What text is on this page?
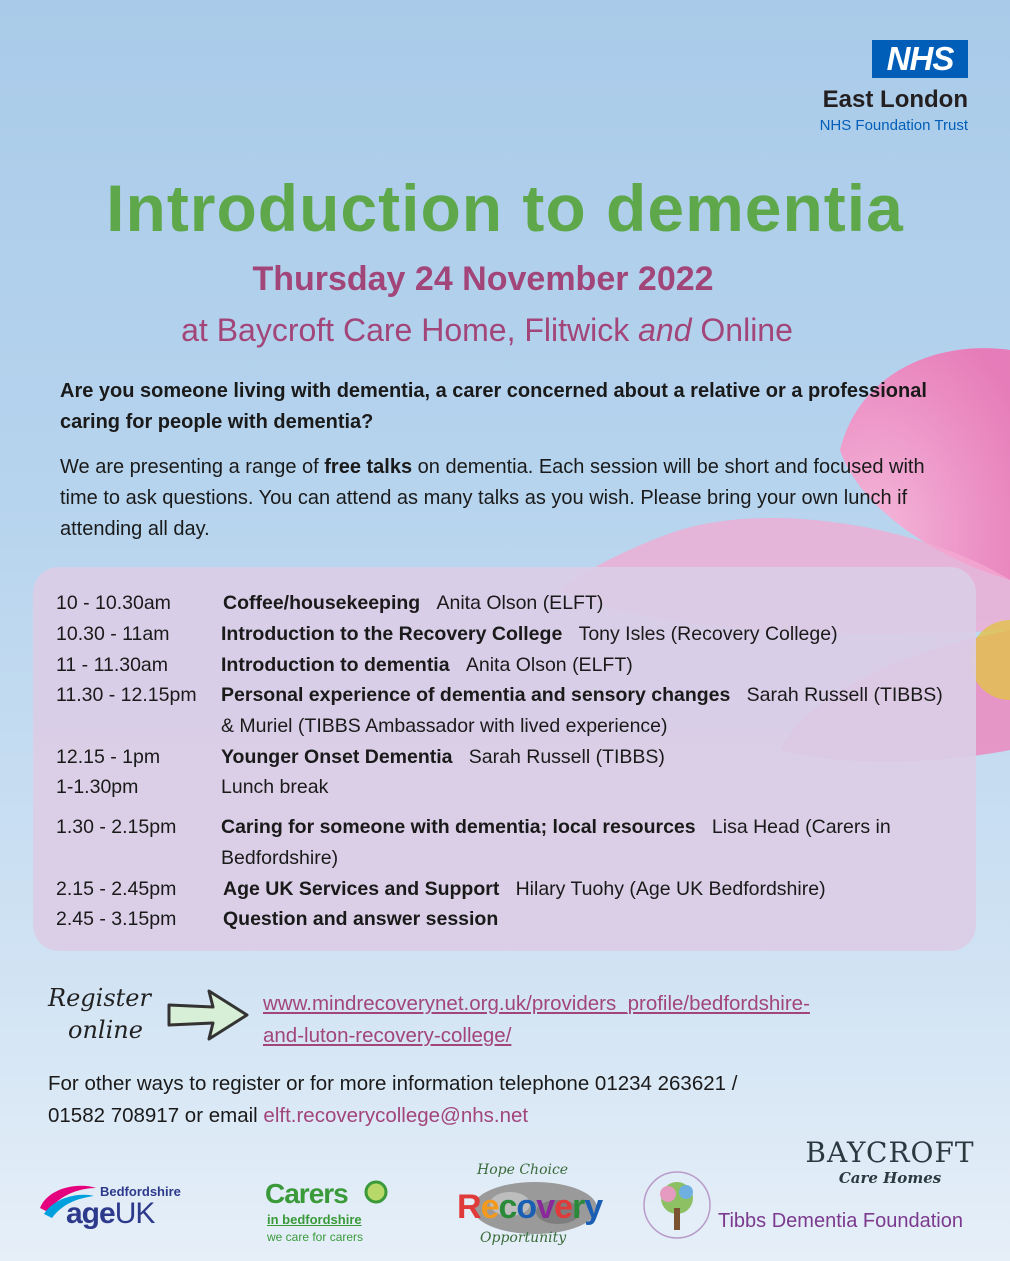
NHS
East London
NHS Foundation Trust
Introduction to dementia
Thursday 24 November 2022
at Baycroft Care Home, Flitwick and Online
Are you someone living with dementia, a carer concerned about a relative or a professional caring for people with dementia?
We are presenting a range of free talks on dementia. Each session will be short and focused with time to ask questions. You can attend as many talks as you wish. Please bring your own lunch if attending all day.
10 - 10.30am	Coffee/housekeeping Anita Olson (ELFT)
10.30 - 11am	Introduction to the Recovery College Tony Isles (Recovery College)
11 - 11.30am	Introduction to dementia Anita Olson (ELFT)
11.30 - 12.15pm	Personal experience of dementia and sensory changes Sarah Russell (TIBBS) & Muriel (TIBBS Ambassador with lived experience)
12.15 - 1pm	Younger Onset Dementia Sarah Russell (TIBBS)
1-1.30pm	Lunch break
1.30 - 2.15pm	Caring for someone with dementia; local resources Lisa Head (Carers in Bedfordshire)
2.15 - 2.45pm	Age UK Services and Support Hilary Tuohy (Age UK Bedfordshire)
2.45 - 3.15pm	Question and answer session
Register
online
www.mindrecoverynet.org.uk/providers_profile/bedfordshire-
and-luton-recovery-college/
For other ways to register or for more information telephone 01234 263621 /
01582 708917 or email elft.recoverycollege@nhs.net
Bedfordshire
ageUK
Carers
in bedfordshire
we care for carers
Hope Choice
Recovery
Opportunity
BAYCROFT
Care Homes
Tibbs Dementia Foundation
